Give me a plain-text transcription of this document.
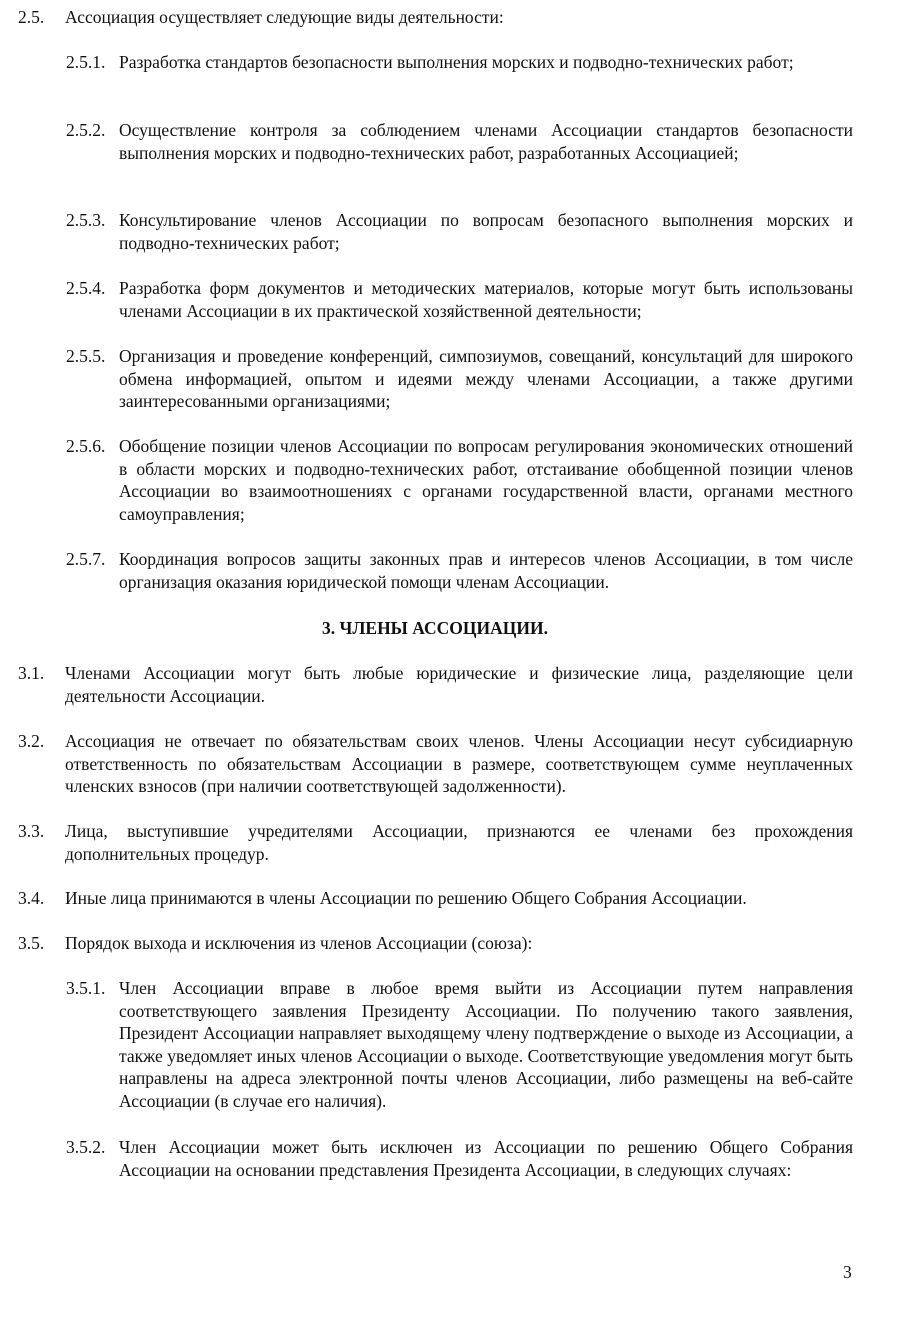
2.5. Ассоциация осуществляет следующие виды деятельности:
2.5.1. Разработка стандартов безопасности выполнения морских и подводно-технических работ;
2.5.2. Осуществление контроля за соблюдением членами Ассоциации стандартов безопасности выполнения морских и подводно-технических работ, разработанных Ассоциацией;
2.5.3. Консультирование членов Ассоциации по вопросам безопасного выполнения морских и подводно-технических работ;
2.5.4. Разработка форм документов и методических материалов, которые могут быть использованы членами Ассоциации в их практической хозяйственной деятельности;
2.5.5. Организация и проведение конференций, симпозиумов, совещаний, консультаций для широкого обмена информацией, опытом и идеями между членами Ассоциации, а также другими заинтересованными организациями;
2.5.6. Обобщение позиции членов Ассоциации по вопросам регулирования экономических отношений в области морских и подводно-технических работ, отстаивание обобщенной позиции членов Ассоциации во взаимоотношениях с органами государственной власти, органами местного самоуправления;
2.5.7. Координация вопросов защиты законных прав и интересов членов Ассоциации, в том числе организация оказания юридической помощи членам Ассоциации.
3. ЧЛЕНЫ АССОЦИАЦИИ.
3.1. Членами Ассоциации могут быть любые юридические и физические лица, разделяющие цели деятельности Ассоциации.
3.2. Ассоциация не отвечает по обязательствам своих членов. Члены Ассоциации несут субсидиарную ответственность по обязательствам Ассоциации в размере, соответствующем сумме неуплаченных членских взносов (при наличии соответствующей задолженности).
3.3. Лица, выступившие учредителями Ассоциации, признаются ее членами без прохождения дополнительных процедур.
3.4. Иные лица принимаются в члены Ассоциации по решению Общего Собрания Ассоциации.
3.5. Порядок выхода и исключения из членов Ассоциации (союза):
3.5.1. Член Ассоциации вправе в любое время выйти из Ассоциации путем направления соответствующего заявления Президенту Ассоциации. По получению такого заявления, Президент Ассоциации направляет выходящему члену подтверждение о выходе из Ассоциации, а также уведомляет иных членов Ассоциации о выходе. Соответствующие уведомления могут быть направлены на адреса электронной почты членов Ассоциации, либо размещены на веб-сайте Ассоциации (в случае его наличия).
3.5.2. Член Ассоциации может быть исключен из Ассоциации по решению Общего Собрания Ассоциации на основании представления Президента Ассоциации, в следующих случаях:
3
